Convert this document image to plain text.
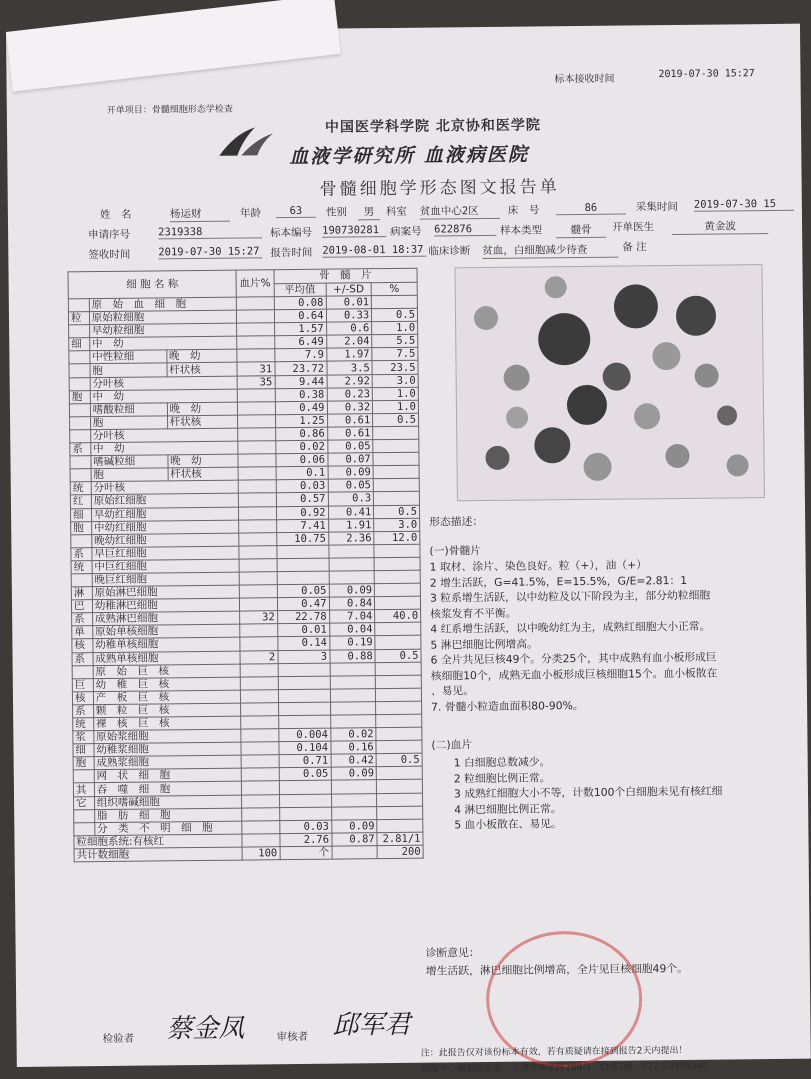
开单项目：骨髓细胞形态学检查
标本接收时间	2019-07-30 15:27
中国医学科学院 北京协和医学院
血液学研究所 血液病医院
骨髓细胞学形态图文报告单
姓　名	杨运财	年龄	63	性别	男	科室 贫血中心2区	床　号	86	采集时间 2019-07-30 15
申请序号	2319338	标本编号 190730281	病案号 622876	样本类型	髓骨	开单医生	黄金波
签收时间	2019-07-30 15:27 报告时间 2019-08-01 18:37 临床诊断 贫血，白细胞减少待查	备 注
细 胞 名 称			血片%	骨　髓　片		
				平均值	+/-SD	%
	原　始　血　细　胞			0.08	0.01	
粒	原始粒细胞			0.64	0.33	0.5
	早幼粒细胞			1.57	0.6	1.0
细	中　幼			6.49	2.04	5.5
	中性粒细	晚　幼		7.9	1.97	7.5
	胞	杆状核	31	23.72	3.5	23.5
	分叶核		35	9.44	2.92	3.0
胞	中　幼			0.38	0.23	1.0
	嗜酸粒细	晚　幼		0.49	0.32	1.0
	胞	杆状核		1.25	0.61	0.5
	分叶核			0.86	0.61	
系	中　幼			0.02	0.05	
	嗜碱粒细	晚　幼		0.06	0.07	
	胞	杆状核		0.1	0.09	
统	分叶核			0.03	0.05	
红	原始红细胞			0.57	0.3	
细	早幼红细胞			0.92	0.41	0.5
胞	中幼红细胞			7.41	1.91	3.0
	晚幼红细胞			10.75	2.36	12.0
系	早巨红细胞					
统	中巨红细胞					
	晚巨红细胞					
淋	原始淋巴细胞			0.05	0.09	
巴	幼稚淋巴细胞			0.47	0.84	
系	成熟淋巴细胞		32	22.78	7.04	40.0
单	原始单核细胞			0.01	0.04	
核	幼稚单核细胞			0.14	0.19	
系	成熟单核细胞		2	3	0.88	0.5
	原　始　巨　核					
巨	幼　稚　巨　核					
核	产　板　巨　核					
系	颗　粒　巨　核					
统	裸　核　巨　核					
浆	原始浆细胞			0.004	0.02	
细	幼稚浆细胞			0.104	0.16	
胞	成熟浆细胞			0.71	0.42	0.5
	网　状　细　胞			0.05	0.09	
其	吞　噬　细　胞					
它	组织嗜碱细胞					
	脂　肪　细　胞					
	分　类　不　明　细　胞			0.03	0.09	
粒细胞系统:有核红				2.76	0.87	2.81/1
共计数细胞			100	个		200
形态描述：
(一)骨髓片
1 取材、涂片、染色良好。粒（+），油（+）
2 增生活跃，G=41.5%，E=15.5%，G/E=2.81：1
3 粒系增生活跃，以中幼粒及以下阶段为主，部分幼粒细胞
核浆发育不平衡。
4 红系增生活跃，以中晚幼红为主，成熟红细胞大小正常。
5 淋巴细胞比例增高。
6 全片共见巨核49个。分类25个，其中成熟有血小板形成巨
核细胞10个，成熟无血小板形成巨核细胞15个。血小板散在
、易见。
7. 骨髓小粒造血面积80-90%。
(二)血片
1 白细胞总数减少。
2 粒细胞比例正常。
3 成熟红细胞大小不等，计数100个白细胞未见有核红细
4 淋巴细胞比例正常。
5 血小板散在、易见。
诊断意见：
增生活跃，淋巴细胞比例增高，全片见巨核细胞49个。
检验者 蔡金凤	审核者 邱军君
注：此报告仅对该份标本有效，若有质疑请在接到报告2天内提出！
病理中心细胞形态室　天津市南京路288号　CI座3楼　022-23909340
